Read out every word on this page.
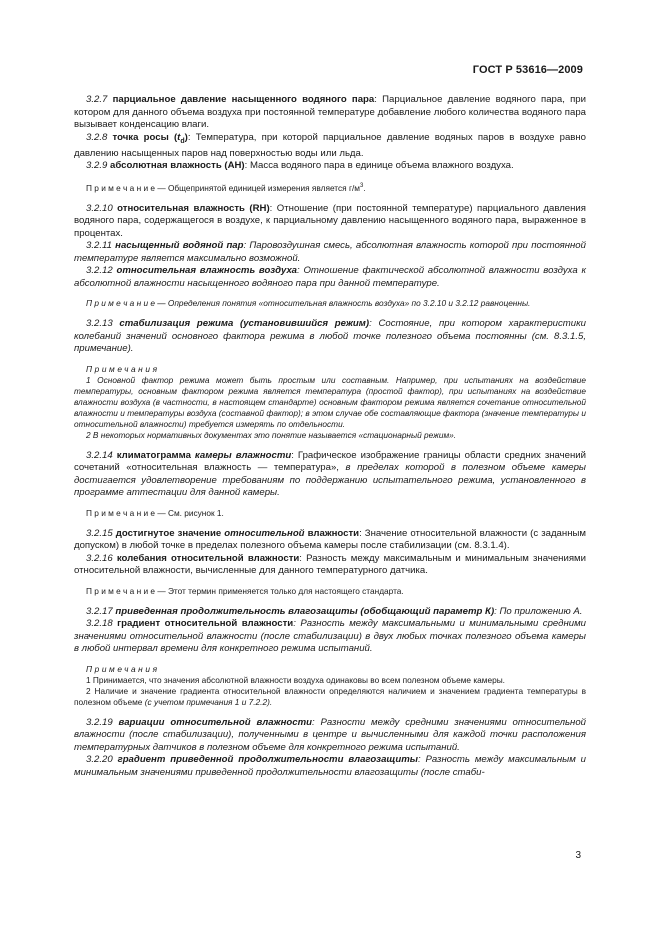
ГОСТ Р 53616—2009

3.2.7 парциальное давление насыщенного водяного пара: Парциальное давление водяного пара, при котором для данного объема воздуха при постоянной температуре добавление любого количества водяного пара вызывает конденсацию влаги.

3.2.8 точка росы $(t_d)$: Температура, при которой парциальное давление водяных паров в воздухе равно давлению насыщенных паров над поверхностью воды или льда.

3.2.9 абсолютная влажность (AH): Масса водяного пара в единице объема влажного воздуха.

П р и м е ч а н и е — Общепринятой единицей измерения является $г/м^3$.

3.2.10 относительная влажность (RH): Отношение (при постоянной температуре) парциального давления водяного пара, содержащегося в воздухе, к парциальному давлению насыщенного водяного пара, выраженное в процентах.

3.2.11 насыщенный водяной пар: Паровоздушная смесь, абсолютная влажность которой при постоянной температуре является максимально возможной.

3.2.12 относительная влажность воздуха: Отношение фактической абсолютной влажности воздуха к абсолютной влажности насыщенного водяного пара при данной температуре.

П р и м е ч а н и е — Определения понятия «относительная влажность воздуха» по 3.2.10 и 3.2.12 равноценны.

3.2.13 стабилизация режима (установившийся режим): Состояние, при котором характеристики колебаний значений основного фактора режима в любой точке полезного объема постоянны (см. 8.3.1.5, примечание).

Примечания

1 Основной фактор режима может быть простым или составным. Например, при испытаниях на воздействие температуры, основным фактором режима является температура (простой фактор), при испытаниях на воздействие влажности воздуха (в частности, в настоящем стандарте) основным фактором режима является сочетание относительной влажности и температуры воздуха (составной фактор); в этом случае обе составляющие фактора (значение температуры и относительной влажности) требуется измерять по отдельности.

2 В некоторых нормативных документах это понятие называется «стационарный режим».

3.2.14 климатограмма камеры влажности: Графическое изображение границы области средних значений сочетаний «относительная влажность — температура», в пределах которой в полезном объеме камеры достигается удовлетворение требованиям по поддержанию испытательного режима, установленного в программе аттестации для данной камеры.

П р и м е ч а н и е — См. рисунок 1.

3.2.15 достигнутое значение относительной влажности: Значение относительной влажности (с заданным допуском) в любой точке в пределах полезного объема камеры после стабилизации (см. 8.3.1.4).

3.2.16 колебания относительной влажности: Разность между максимальным и минимальным значениями относительной влажности, вычисленные для данного температурного датчика.

П р и м е ч а н и е — Этот термин применяется только для настоящего стандарта.

3.2.17 приведенная продолжительность влагозащиты (обобщающий параметр К): По приложению А.

3.2.18 градиент относительной влажности: Разность между максимальными и минимальными средними значениями относительной влажности (после стабилизации) в двух любых точках полезного объема камеры в любой интервал времени для конкретного режима испытаний.

Примечания

1 Принимается, что значения абсолютной влажности воздуха одинаковы во всем полезном объеме камеры.

2 Наличие и значение градиента относительной влажности определяются наличием и значением градиента температуры в полезном объеме (с учетом примечания 1 и 7.2.2).

3.2.19 вариации относительной влажности: Разности между средними значениями относительной влажности (после стабилизации), полученными в центре и вычисленными для каждой точки расположения температурных датчиков в полезном объеме для конкретного режима испытаний.

3.2.20 градиент приведенной продолжительности влагозащиты: Разность между максимальным и минимальным значениями приведенной продолжительности влагозащиты (после стаби-

3
